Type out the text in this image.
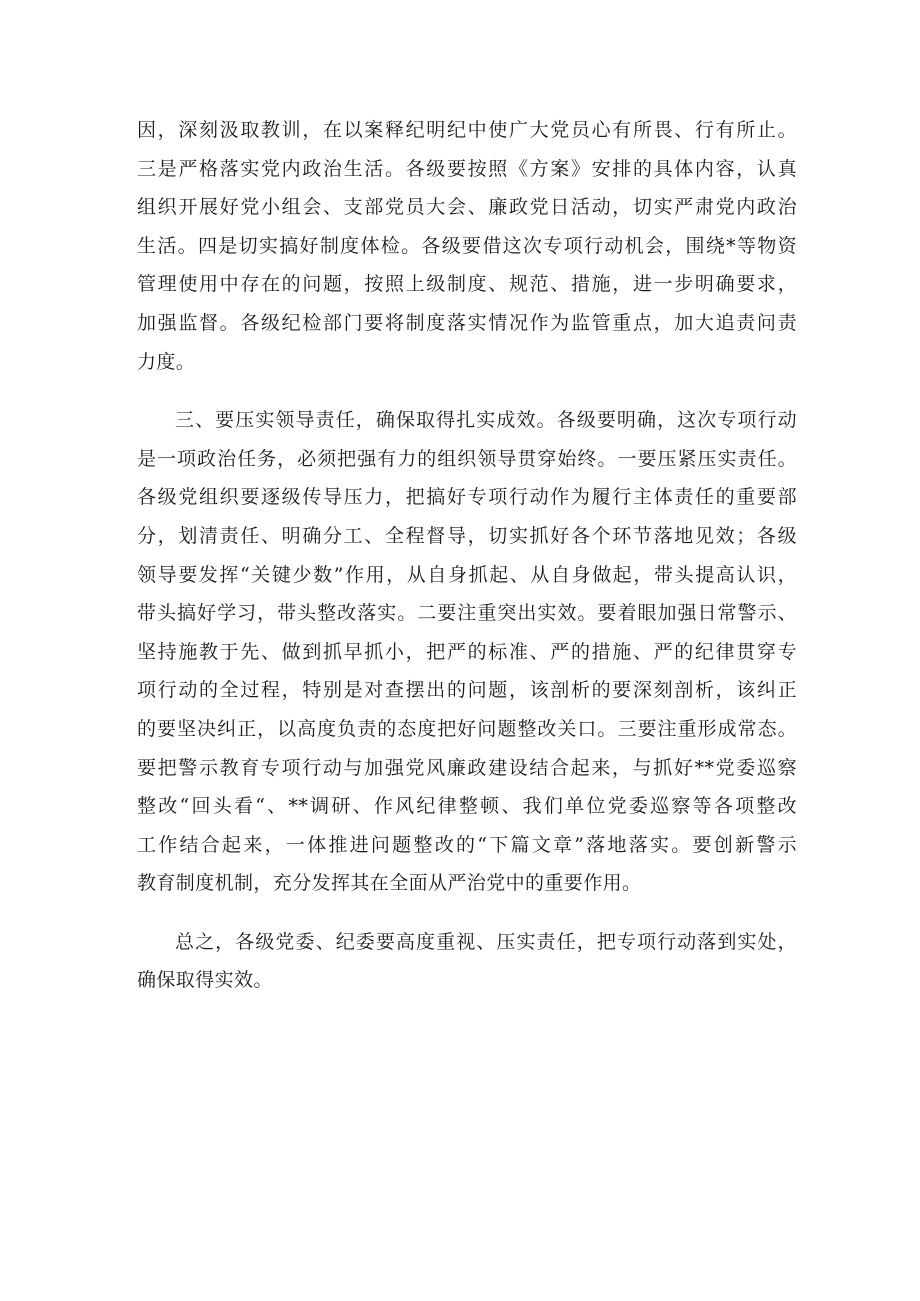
因，深刻汲取教训，在以案释纪明纪中使广大党员心有所畏、行有所止。
三是严格落实党内政治生活。各级要按照《方案》安排的具体内容，认真
组织开展好党小组会、支部党员大会、廉政党日活动，切实严肃党内政治
生活。四是切实搞好制度体检。各级要借这次专项行动机会，围绕*等物资
管理使用中存在的问题，按照上级制度、规范、措施，进一步明确要求，
加强监督。各级纪检部门要将制度落实情况作为监管重点，加大追责问责
力度。
三、要压实领导责任，确保取得扎实成效。各级要明确，这次专项行动
是一项政治任务，必须把强有力的组织领导贯穿始终。一要压紧压实责任。
各级党组织要逐级传导压力，把搞好专项行动作为履行主体责任的重要部
分，划清责任、明确分工、全程督导，切实抓好各个环节落地见效；各级
领导要发挥“关键少数”作用，从自身抓起、从自身做起，带头提高认识，
带头搞好学习，带头整改落实。二要注重突出实效。要着眼加强日常警示、
坚持施教于先、做到抓早抓小，把严的标准、严的措施、严的纪律贯穿专
项行动的全过程，特别是对查摆出的问题，该剖析的要深刻剖析，该纠正
的要坚决纠正，以高度负责的态度把好问题整改关口。三要注重形成常态。
要把警示教育专项行动与加强党风廉政建设结合起来，与抓好**党委巡察
整改“回头看“、**调研、作风纪律整顿、我们单位党委巡察等各项整改
工作结合起来，一体推进问题整改的“下篇文章”落地落实。要创新警示
教育制度机制，充分发挥其在全面从严治党中的重要作用。
总之，各级党委、纪委要高度重视、压实责任，把专项行动落到实处，
确保取得实效。
